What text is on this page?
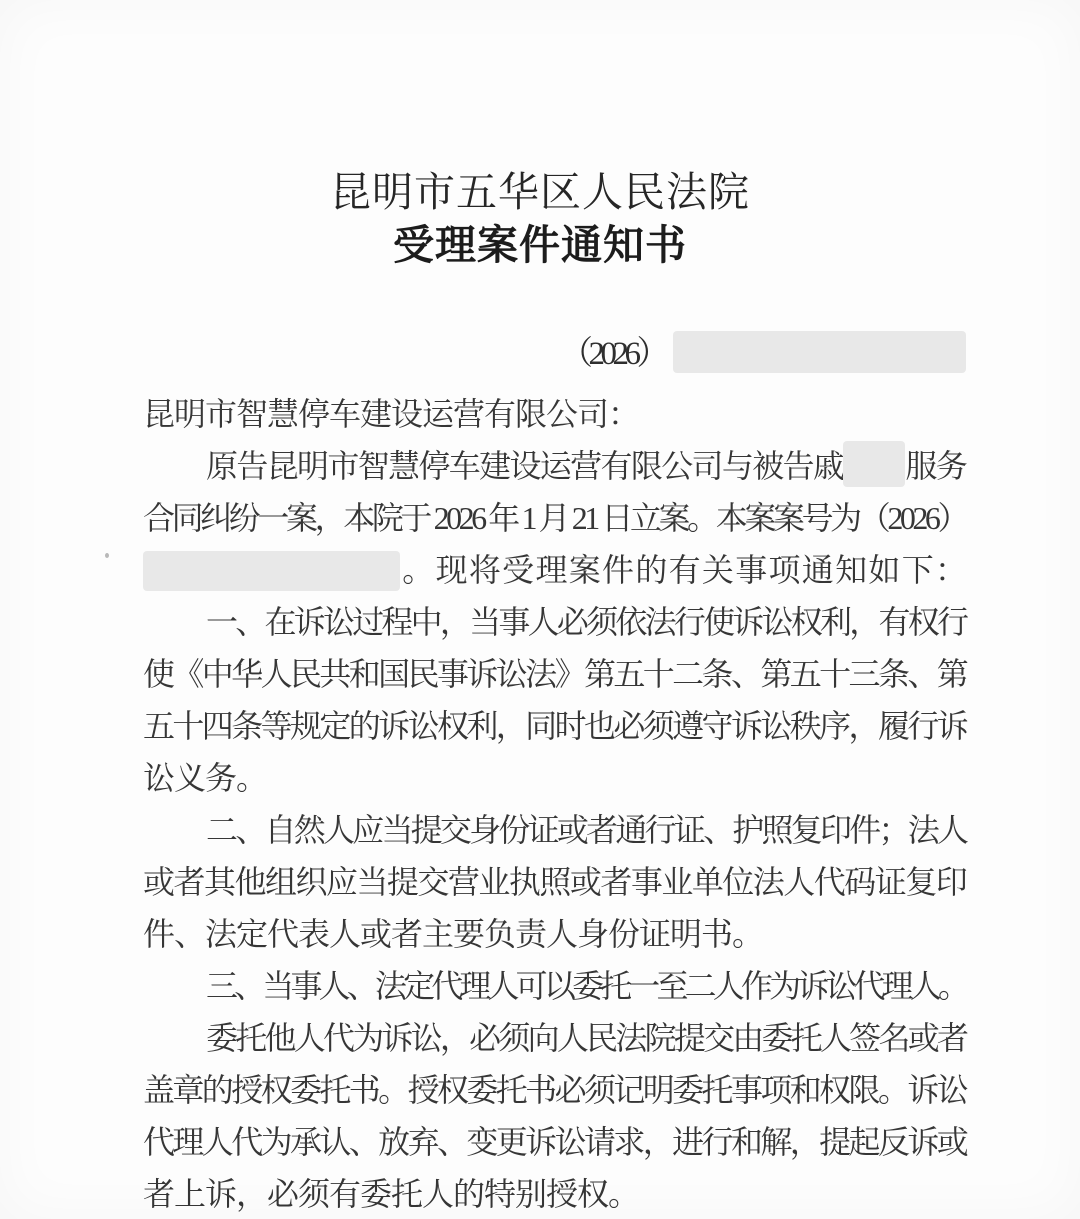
昆明市五华区人民法院
受理案件通知书
（2026）
昆明市智慧停车建设运营有限公司：
原告昆明市智慧停车建设运营有限公司与被告戚 服务
合同纠纷一案，本院于 2026 年 1 月 21 日立案。本案案号为（2026）
。现将受理案件的有关事项通知如下：
一、在诉讼过程中，当事人必须依法行使诉讼权利，有权行
使《中华人民共和国民事诉讼法》第五十二条、第五十三条、第
五十四条等规定的诉讼权利，同时也必须遵守诉讼秩序，履行诉
讼义务。
二、自然人应当提交身份证或者通行证、护照复印件；法人
或者其他组织应当提交营业执照或者事业单位法人代码证复印
件、法定代表人或者主要负责人身份证明书。
三、当事人、法定代理人可以委托一至二人作为诉讼代理人。
委托他人代为诉讼，必须向人民法院提交由委托人签名或者
盖章的授权委托书。授权委托书必须记明委托事项和权限。诉讼
代理人代为承认、放弃、变更诉讼请求，进行和解，提起反诉或
者上诉，必须有委托人的特别授权。
